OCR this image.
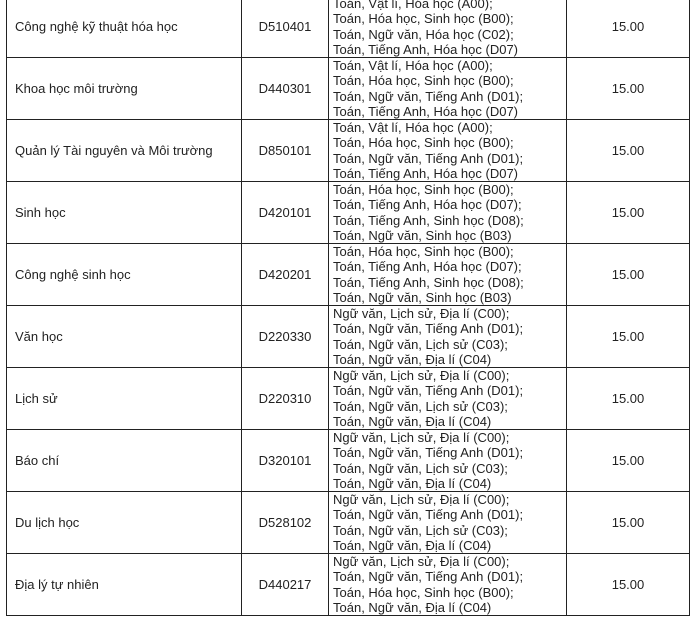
Công nghệ kỹ thuật hóa học	D510401	Toán, Vật lí, Hóa học (A00);
Toán, Hóa học, Sinh học (B00);
Toán, Ngữ văn, Hóa học (C02);
Toán, Tiếng Anh, Hóa học (D07)	15.00
Khoa học môi trường	D440301	Toán, Vật lí, Hóa học (A00);
Toán, Hóa học, Sinh học (B00);
Toán, Ngữ văn, Tiếng Anh (D01);
Toán, Tiếng Anh, Hóa học (D07)	15.00
Quản lý Tài nguyên và Môi trường	D850101	Toán, Vật lí, Hóa học (A00);
Toán, Hóa học, Sinh học (B00);
Toán, Ngữ văn, Tiếng Anh (D01);
Toán, Tiếng Anh, Hóa học (D07)	15.00
Sinh học	D420101	Toán, Hóa học, Sinh học (B00);
Toán, Tiếng Anh, Hóa học (D07);
Toán, Tiếng Anh, Sinh học (D08);
Toán, Ngữ văn, Sinh học (B03)	15.00
Công nghệ sinh học	D420201	Toán, Hóa học, Sinh học (B00);
Toán, Tiếng Anh, Hóa học (D07);
Toán, Tiếng Anh, Sinh học (D08);
Toán, Ngữ văn, Sinh học (B03)	15.00
Văn học	D220330	Ngữ văn, Lịch sử, Địa lí (C00);
Toán, Ngữ văn, Tiếng Anh (D01);
Toán, Ngữ văn, Lịch sử (C03);
Toán, Ngữ văn, Địa lí (C04)	15.00
Lịch sử	D220310	Ngữ văn, Lịch sử, Địa lí (C00);
Toán, Ngữ văn, Tiếng Anh (D01);
Toán, Ngữ văn, Lịch sử (C03);
Toán, Ngữ văn, Địa lí (C04)	15.00
Báo chí	D320101	Ngữ văn, Lịch sử, Địa lí (C00);
Toán, Ngữ văn, Tiếng Anh (D01);
Toán, Ngữ văn, Lịch sử (C03);
Toán, Ngữ văn, Địa lí (C04)	15.00
Du lịch học	D528102	Ngữ văn, Lịch sử, Địa lí (C00);
Toán, Ngữ văn, Tiếng Anh (D01);
Toán, Ngữ văn, Lịch sử (C03);
Toán, Ngữ văn, Địa lí (C04)	15.00
Địa lý tự nhiên	D440217	Ngữ văn, Lịch sử, Địa lí (C00);
Toán, Ngữ văn, Tiếng Anh (D01);
Toán, Hóa học, Sinh học (B00);
Toán, Ngữ văn, Địa lí (C04)	15.00
